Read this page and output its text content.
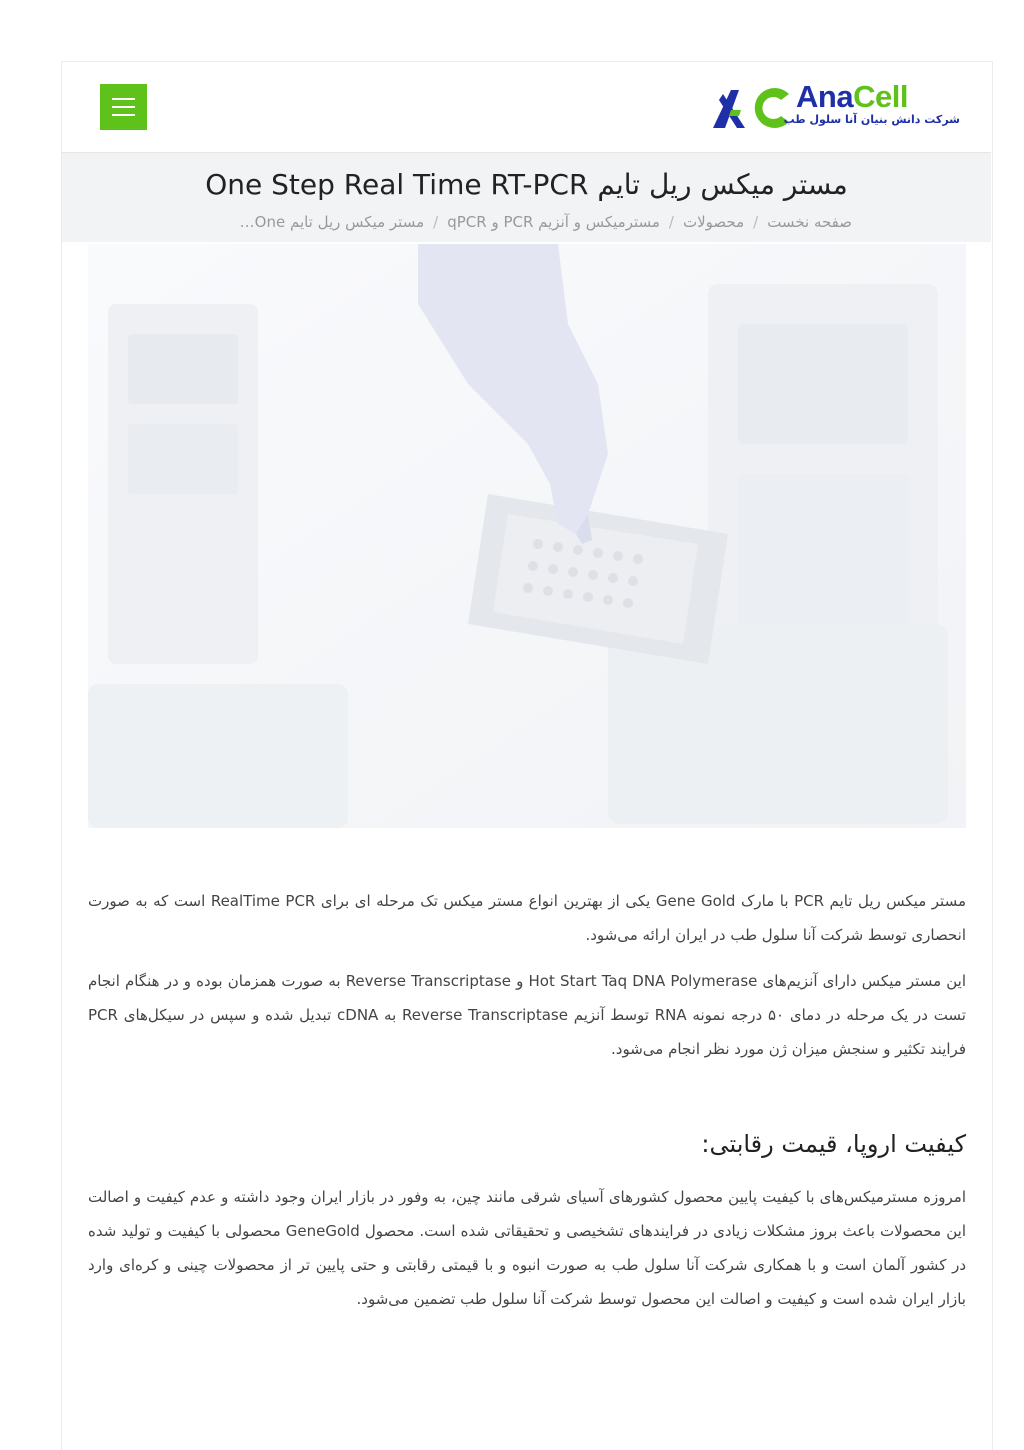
AnaCell
شرکت دانش بنیان آنا سلول طب
مستر میکس ریل تایم One Step Real Time RT-PCR
صفحه نخست/محصولات/مسترمیکس و آنزیم PCR و qPCR/مستر میکس ریل تایم One…

مستر میکس ریل تایم PCR با مارک Gene Gold یکی از بهترین انواع مستر میکس تک مرحله ای برای RealTime PCR است که به صورت انحصاری توسط شرکت آنا سلول طب در ایران ارائه می‌شود.

این مستر میکس دارای آنزیم‌های Hot Start Taq DNA Polymerase و Reverse Transcriptase به صورت همزمان بوده و در هنگام انجام تست در یک مرحله در دمای ۵۰ درجه نمونه RNA توسط آنزیم Reverse Transcriptase به cDNA تبدیل شده و سپس در سیکل‌های PCR فرایند تکثیر و سنجش میزان ژن مورد نظر انجام می‌شود.

کیفیت اروپا، قیمت رقابتی:

امروزه مسترمیکس‌های با کیفیت پایین محصول کشورهای آسیای شرقی مانند چین، به وفور در بازار ایران وجود داشته و عدم کیفیت و اصالت این محصولات باعث بروز مشکلات زیادی در فرایندهای تشخیصی و تحقیقاتی شده است. محصول GeneGold محصولی با کیفیت و تولید شده در کشور آلمان است و با همکاری شرکت آنا سلول طب به صورت انبوه و با قیمتی رقابتی و حتی پایین تر از محصولات چینی و کره‌ای وارد بازار ایران شده است و کیفیت و اصالت این محصول توسط شرکت آنا سلول طب تضمین می‌شود.
